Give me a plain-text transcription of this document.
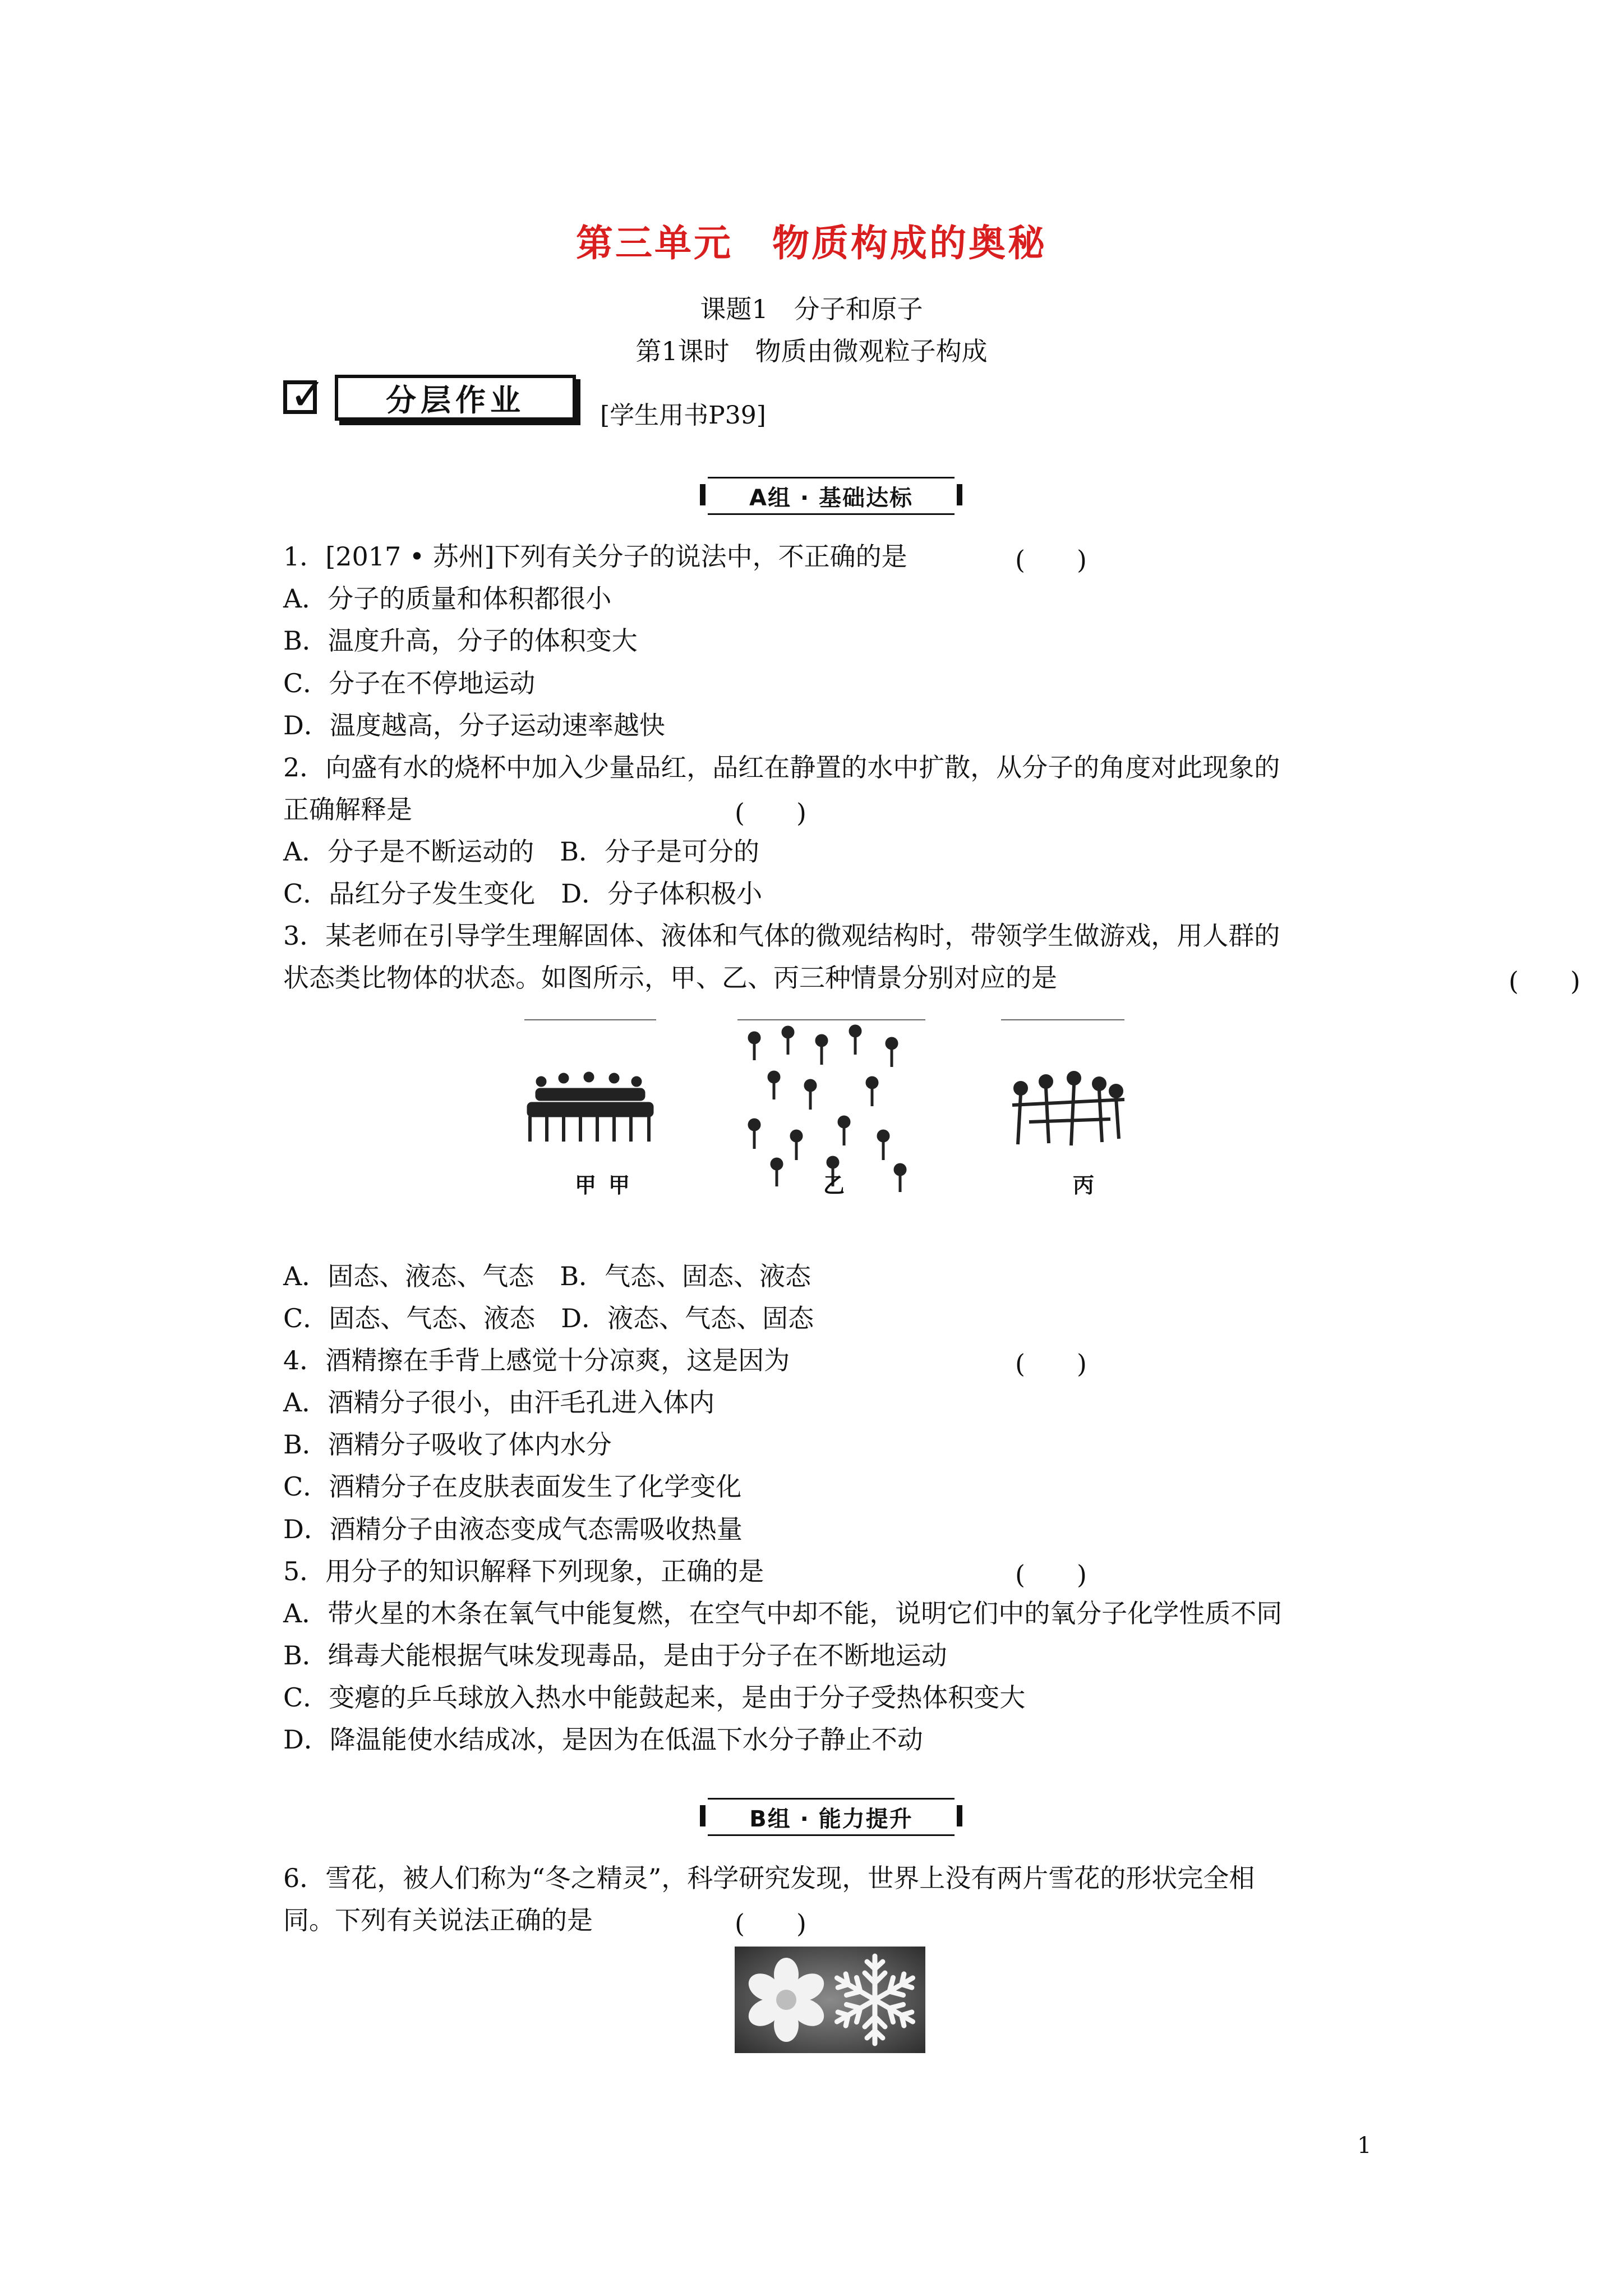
第三单元　物质构成的奥秘
课题1　分子和原子
第1课时　物质由微观粒子构成
✓	分层作业	[学生用书P39]
A组 · 基础达标
1．[2017 • 苏州]下列有关分子的说法中，不正确的是	(　　)
A．分子的质量和体积都很小
B．温度升高，分子的体积变大
C．分子在不停地运动
D．温度越高，分子运动速率越快
2．向盛有水的烧杯中加入少量品红，品红在静置的水中扩散，从分子的角度对此现象的
正确解释是	(　　)
A．分子是不断运动的　B．分子是可分的
C．品红分子发生变化　D．分子体积极小
3．某老师在引导学生理解固体、液体和气体的微观结构时，带领学生做游戏，用人群的
状态类比物体的状态。如图所示，甲、乙、丙三种情景分别对应的是	(　　)
甲 甲	乙	丙
A．固态、液态、气态　B．气态、固态、液态
C．固态、气态、液态　D．液态、气态、固态
4．酒精擦在手背上感觉十分凉爽，这是因为	(　　)
A．酒精分子很小，由汗毛孔进入体内
B．酒精分子吸收了体内水分
C．酒精分子在皮肤表面发生了化学变化
D．酒精分子由液态变成气态需吸收热量
5．用分子的知识解释下列现象，正确的是	(　　)
A．带火星的木条在氧气中能复燃，在空气中却不能，说明它们中的氧分子化学性质不同
B．缉毒犬能根据气味发现毒品，是由于分子在不断地运动
C．变瘪的乒乓球放入热水中能鼓起来，是由于分子受热体积变大
D．降温能使水结成冰，是因为在低温下水分子静止不动
B组 · 能力提升
6．雪花，被人们称为“冬之精灵”，科学研究发现，世界上没有两片雪花的形状完全相
同。下列有关说法正确的是	(　　)
1
